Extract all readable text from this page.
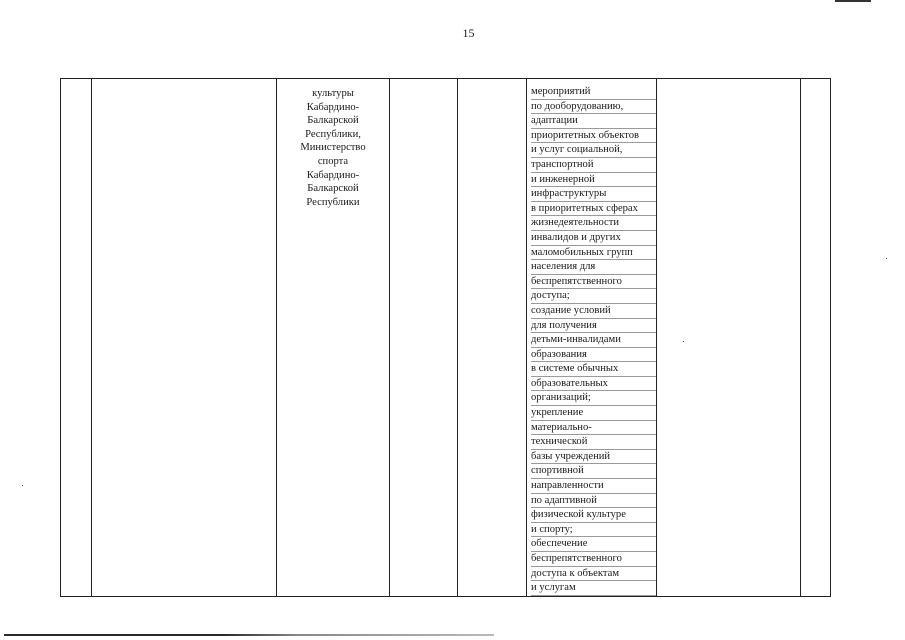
15

культуры
Кабардино-
Балкарской
Республики,
Министерство
спорта
Кабардино-
Балкарской
Республики

мероприятий
по дооборудованию,
адаптации
приоритетных объектов
и услуг социальной,
транспортной
и инженерной
инфраструктуры
в приоритетных сферах
жизнедеятельности
инвалидов и других
маломобильных групп
населения для
беспрепятственного
доступа;
создание условий
для получения
детьми-инвалидами
образования
в системе обычных
образовательных
организаций;
укрепление
материально-
технической
базы учреждений
спортивной
направленности
по адаптивной
физической культуре
и спорту;
обеспечение
беспрепятственного
доступа к объектам
и услугам
